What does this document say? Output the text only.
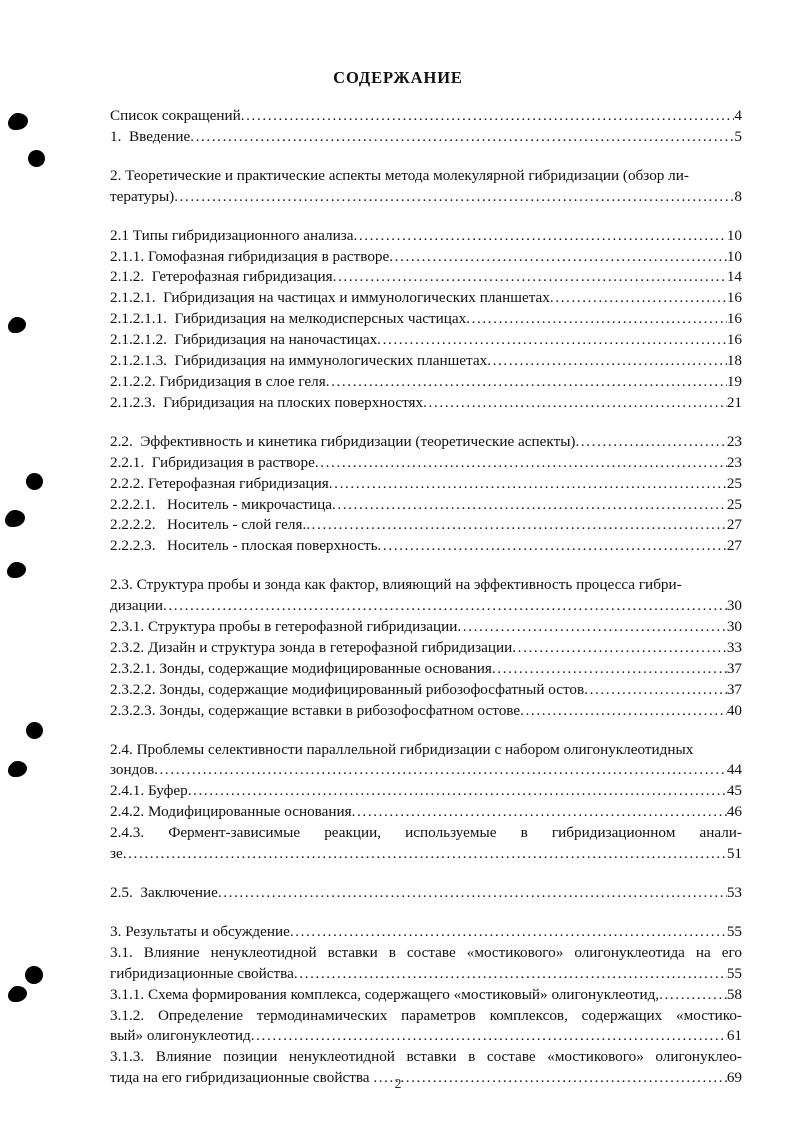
СОДЕРЖАНИЕ
Список сокращений .....	4
1.  Введение .....	5
2. Теоретические и практические аспекты метода молекулярной гибридизации (обзор ли-
тературы) .....	8
2.1 Типы гибридизационного анализа .....	10
2.1.1. Гомофазная гибридизация в растворе .....	10
2.1.2.  Гетерофазная гибридизация .....	14
2.1.2.1.  Гибридизация на частицах и иммунологических планшетах .....	16
2.1.2.1.1.  Гибридизация на мелкодисперсных частицах .....	16
2.1.2.1.2.  Гибридизация на наночастицах .....	16
2.1.2.1.3.  Гибридизация на иммунологических планшетах .....	18
2.1.2.2. Гибридизация в слое геля .....	19
2.1.2.3.  Гибридизация на плоских поверхностях .....	21
2.2.  Эффективность и кинетика гибридизации (теоретические аспекты) .....	23
2.2.1.  Гибридизация в растворе .....	23
2.2.2. Гетерофазная гибридизация .....	25
2.2.2.1.   Носитель - микрочастица .....	25
2.2.2.2.   Носитель - слой геля. .....	27
2.2.2.3.   Носитель - плоская поверхность .....	27
2.3. Структура пробы и зонда как фактор, влияющий на эффективность процесса гибри-
дизации .....	30
2.3.1. Структура пробы в гетерофазной гибридизации .....	30
2.3.2. Дизайн и структура зонда в гетерофазной гибридизации .....	33
2.3.2.1. Зонды, содержащие модифицированные основания .....	37
2.3.2.2. Зонды, содержащие модифицированный рибозофосфатный остов .....	37
2.3.2.3. Зонды, содержащие вставки в рибозофосфатном остове .....	40
2.4. Проблемы селективности параллельной гибридизации с набором олигонуклеотидных
зондов .....	44
2.4.1. Буфер .....	45
2.4.2. Модифицированные основания .....	46
2.4.3. Фермент-зависимые реакции, используемые в гибридизационном анали-
зе .....	51
2.5.  Заключение .....	53
3. Результаты и обсуждение .....	55
3.1. Влияние ненуклеотидной вставки в составе «мостикового» олигонуклеотида на его
гибридизационные свойства .....	55
3.1.1. Схема формирования комплекса, содержащего «мостиковый» олигонуклеотид, .....	58
3.1.2. Определение термодинамических параметров комплексов, содержащих «мостико-
вый» олигонуклеотид .....	61
3.1.3. Влияние позиции ненуклеотидной вставки в составе «мостикового» олигонуклео-
тида на его гибридизационные свойства .....	69
2
